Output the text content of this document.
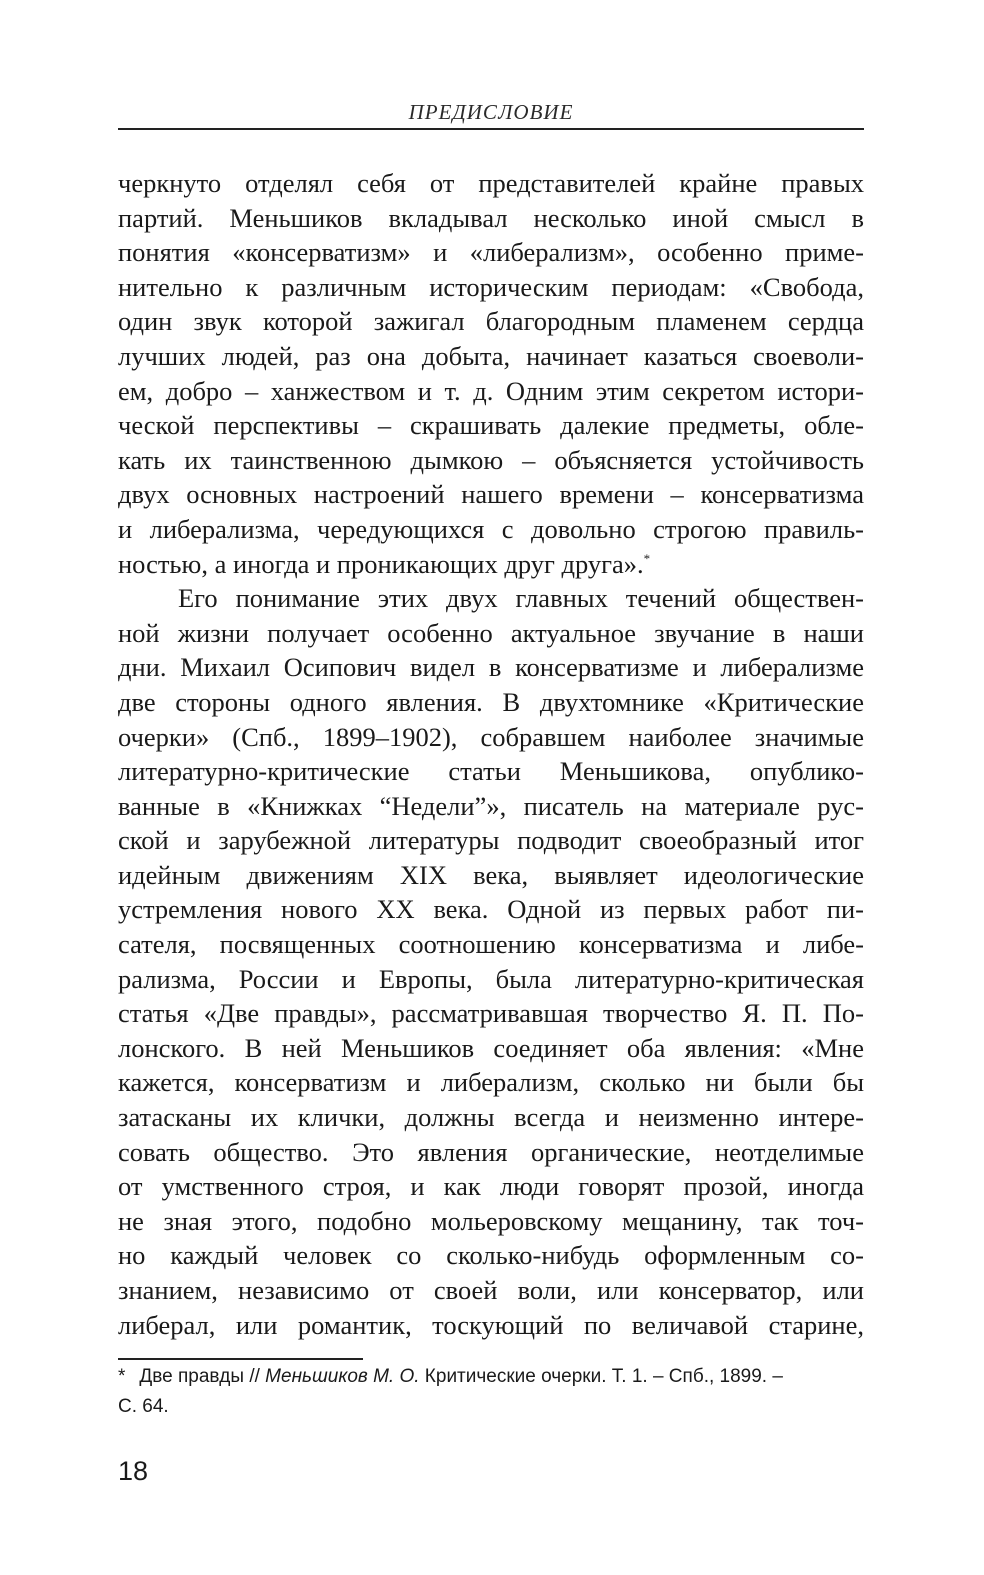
ПРЕДИСЛОВИЕ
черкнуто отделял себя от представителей крайне правых
партий. Меньшиков вкладывал несколько иной смысл в
понятия «консерватизм» и «либерализм», особенно приме-
нительно к различным историческим периодам: «Свобода,
один звук которой зажигал благородным пламенем сердца
лучших людей, раз она добыта, начинает казаться своеволи-
ем, добро – ханжеством и т. д. Одним этим секретом истори-
ческой перспективы – скрашивать далекие предметы, обле-
кать их таинственною дымкою – объясняется устойчивость
двух основных настроений нашего времени – консерватизма
и либерализма, чередующихся с довольно строгою правиль-
ностью, а иногда и проникающих друг друга».*
Его понимание этих двух главных течений обществен-
ной жизни получает особенно актуальное звучание в наши
дни. Михаил Осипович видел в консерватизме и либерализме
две стороны одного явления. В двухтомнике «Критические
очерки» (Спб., 1899–1902), собравшем наиболее значимые
литературно-критические статьи Меньшикова, опублико-
ванные в «Книжках “Недели”», писатель на материале рус-
ской и зарубежной литературы подводит своеобразный итог
идейным движениям XIX века, выявляет идеологические
устремления нового XX века. Одной из первых работ пи-
сателя, посвященных соотношению консерватизма и либе-
рализма, России и Европы, была литературно-критическая
статья «Две правды», рассматривавшая творчество Я. П. По-
лонского. В ней Меньшиков соединяет оба явления: «Мне
кажется, консерватизм и либерализм, сколько ни были бы
затасканы их клички, должны всегда и неизменно интере-
совать общество. Это явления органические, неотделимые
от умственного строя, и как люди говорят прозой, иногда
не зная этого, подобно мольеровскому мещанину, так точ-
но каждый человек со сколько-нибудь оформленным со-
знанием, независимо от своей воли, или консерватор, или
либерал, или романтик, тоскующий по величавой старине,
* Две правды // Меньшиков М. О. Критические очерки. Т. 1. – Спб., 1899. –
С. 64.
18
